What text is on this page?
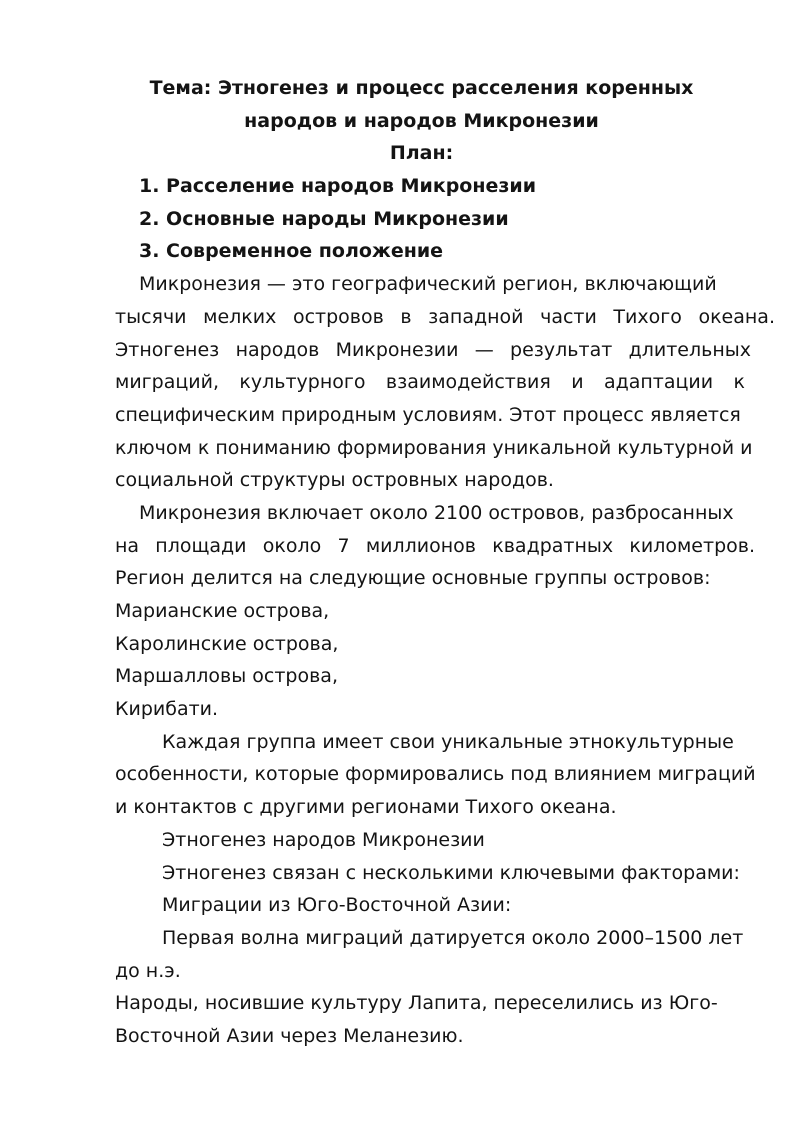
Тема: Этногенез и процесс расселения коренных
народов и народов Микронезии
План:
1. Расселение народов Микронезии
2. Основные народы Микронезии
3. Современное положение
Микронезия — это географический регион, включающий
тысячи мелких островов в западной части Тихого океана.
Этногенез народов Микронезии — результат длительных
миграций, культурного взаимодействия и адаптации к
специфическим природным условиям. Этот процесс является
ключом к пониманию формирования уникальной культурной и
социальной структуры островных народов.
Микронезия включает около 2100 островов, разбросанных
на площади около 7 миллионов квадратных километров.
Регион делится на следующие основные группы островов:
Марианские острова,
Каролинские острова,
Маршалловы острова,
Кирибати.
Каждая группа имеет свои уникальные этнокультурные
особенности, которые формировались под влиянием миграций
и контактов с другими регионами Тихого океана.
Этногенез народов Микронезии
Этногенез связан с несколькими ключевыми факторами:
Миграции из Юго-Восточной Азии:
Первая волна миграций датируется около 2000–1500 лет
до н.э.
Народы, носившие культуру Лапита, переселились из Юго-
Восточной Азии через Меланезию.
